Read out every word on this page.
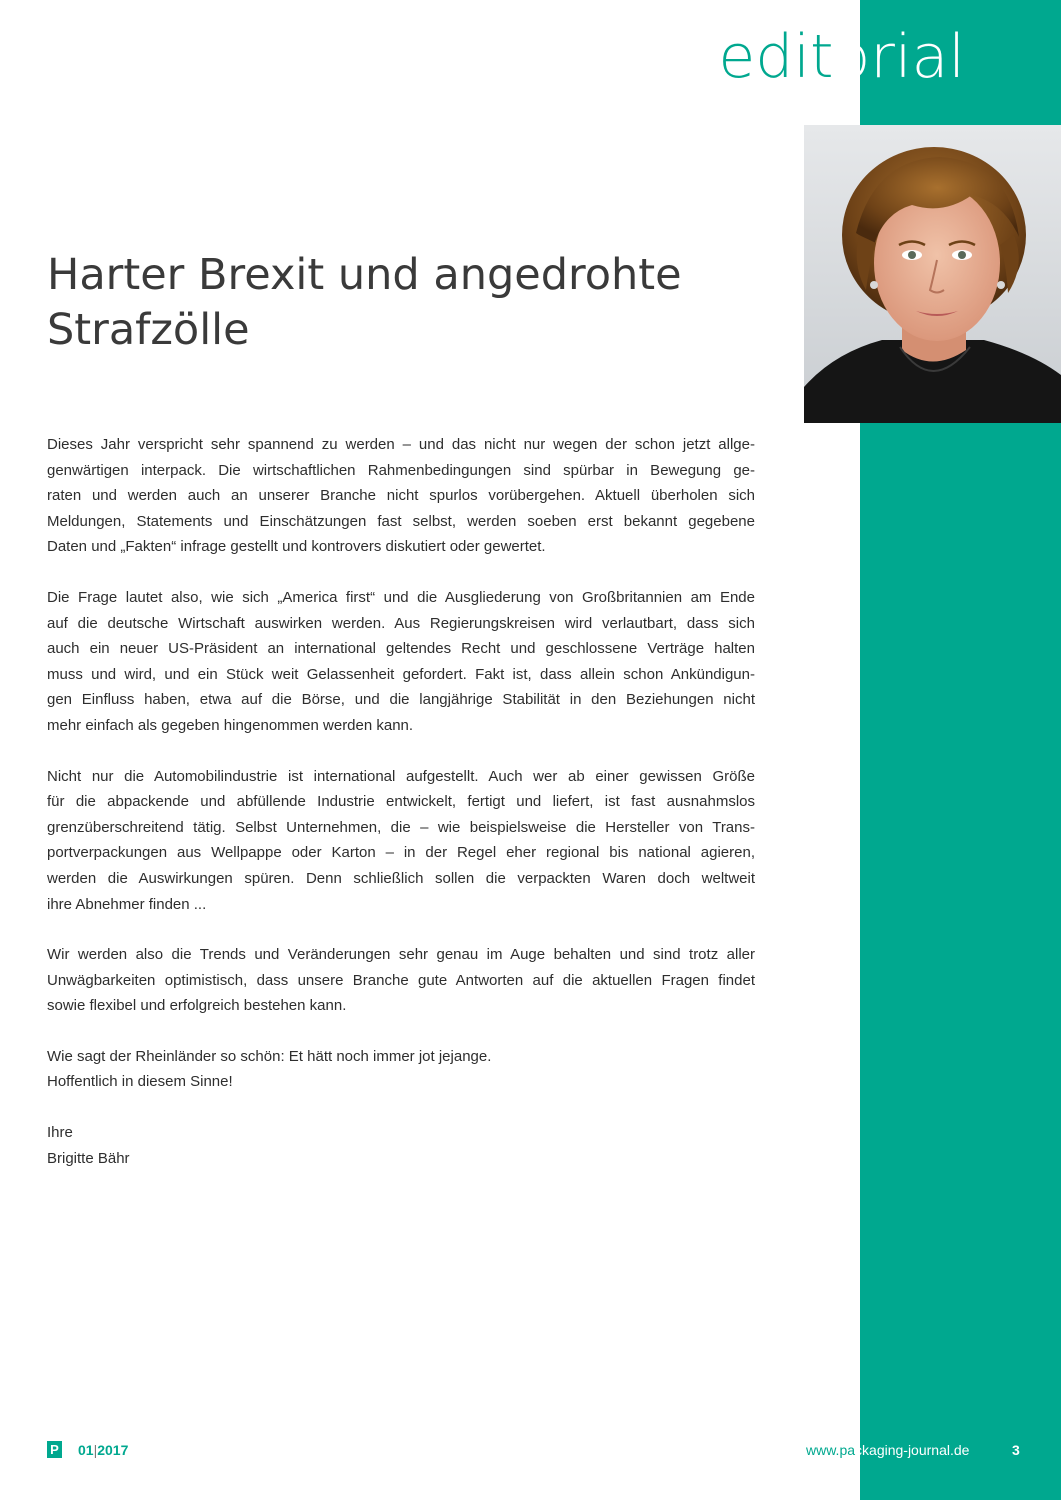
editorial
Harter Brexit und angedrohte
Strafzölle

Dieses Jahr verspricht sehr spannend zu werden – und das nicht nur wegen der schon jetzt allge-
genwärtigen interpack. Die wirtschaftlichen Rahmenbedingungen sind spürbar in Bewegung ge-
raten und werden auch an unserer Branche nicht spurlos vorübergehen. Aktuell überholen sich
Meldungen, Statements und Einschätzungen fast selbst, werden soeben erst bekannt gegebene
Daten und „Fakten“ infrage gestellt und kontrovers diskutiert oder gewertet.

Die Frage lautet also, wie sich „America first“ und die Ausgliederung von Großbritannien am Ende
auf die deutsche Wirtschaft auswirken werden. Aus Regierungskreisen wird verlautbart, dass sich
auch ein neuer US-Präsident an international geltendes Recht und geschlossene Verträge halten
muss und wird, und ein Stück weit Gelassenheit gefordert. Fakt ist, dass allein schon Ankündigun-
gen Einfluss haben, etwa auf die Börse, und die langjährige Stabilität in den Beziehungen nicht
mehr einfach als gegeben hingenommen werden kann.

Nicht nur die Automobilindustrie ist international aufgestellt. Auch wer ab einer gewissen Größe
für die abpackende und abfüllende Industrie entwickelt, fertigt und liefert, ist fast ausnahmslos
grenzüberschreitend tätig. Selbst Unternehmen, die – wie beispielsweise die Hersteller von Trans-
portverpackungen aus Wellpappe oder Karton – in der Regel eher regional bis national agieren,
werden die Auswirkungen spüren. Denn schließlich sollen die verpackten Waren doch weltweit
ihre Abnehmer finden ...

Wir werden also die Trends und Veränderungen sehr genau im Auge behalten und sind trotz aller
Unwägbarkeiten optimistisch, dass unsere Branche gute Antworten auf die aktuellen Fragen findet
sowie flexibel und erfolgreich bestehen kann.

Wie sagt der Rheinländer so schön: Et hätt noch immer jot jejange.
Hoffentlich in diesem Sinne!

Ihre
Brigitte Bähr

P 01|2017	www.packaging-journal.de	3
